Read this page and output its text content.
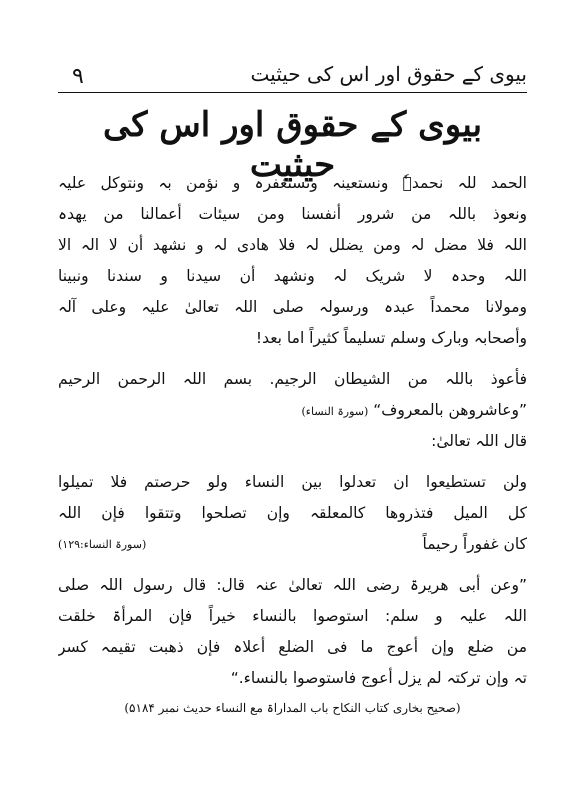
۹	بیوی کے حقوق اور اس کی حیثیت
بیوی کے حقوق اور اس کی حیثیت
الحمد للہ نحمدہٗ ونستعینہ ونستغفرہ و نؤمن بہ ونتوکل علیہ
ونعوذ باللہ من شرور أنفسنا ومن سیئات أعمالنا من یھدہ
اللہ فلا مضل لہ ومن یضلل لہ فلا ھادی لہ و نشھد أن لا الہ الا
اللہ وحدہ لا شریک لہ ونشھد أن سیدنا و سندنا ونبینا
ومولانا محمداً عبدہ ورسولہ صلی اللہ تعالیٰ علیہ وعلی آلہ
وأصحابہ وبارک وسلم تسلیماً کثیراً اما بعد!
فأعوذ باللہ من الشیطان الرجیم. بسم اللہ الرحمن الرحیم
”وعاشروھن بالمعروف“ (سورۃ النساء)
قال اللہ تعالیٰ:
ولن تستطیعوا ان تعدلوا بین النساء ولو حرصتم فلا تمیلوا
کل المیل فتذروھا کالمعلقہ وإن تصلحوا وتتقوا فإن اللہ
کان غفوراً رحیماً
(سورۃ النساء:۱۲۹)
”وعن أبی ھریرۃ رضی اللہ تعالیٰ عنہ قال: قال رسول اللہ صلی
اللہ علیہ و سلم: استوصوا بالنساء خیراً فإن المرأۃ خلقت
من ضلع وإن أعوج ما فی الضلع أعلاہ فإن ذھبت تقیمہ کسر
تہ وإن ترکتہ لم یزل أعوج فاستوصوا بالنساء.“
(صحیح بخاری کتاب النکاح باب المداراۃ مع النساء حدیث نمبر ۵۱۸۴)
